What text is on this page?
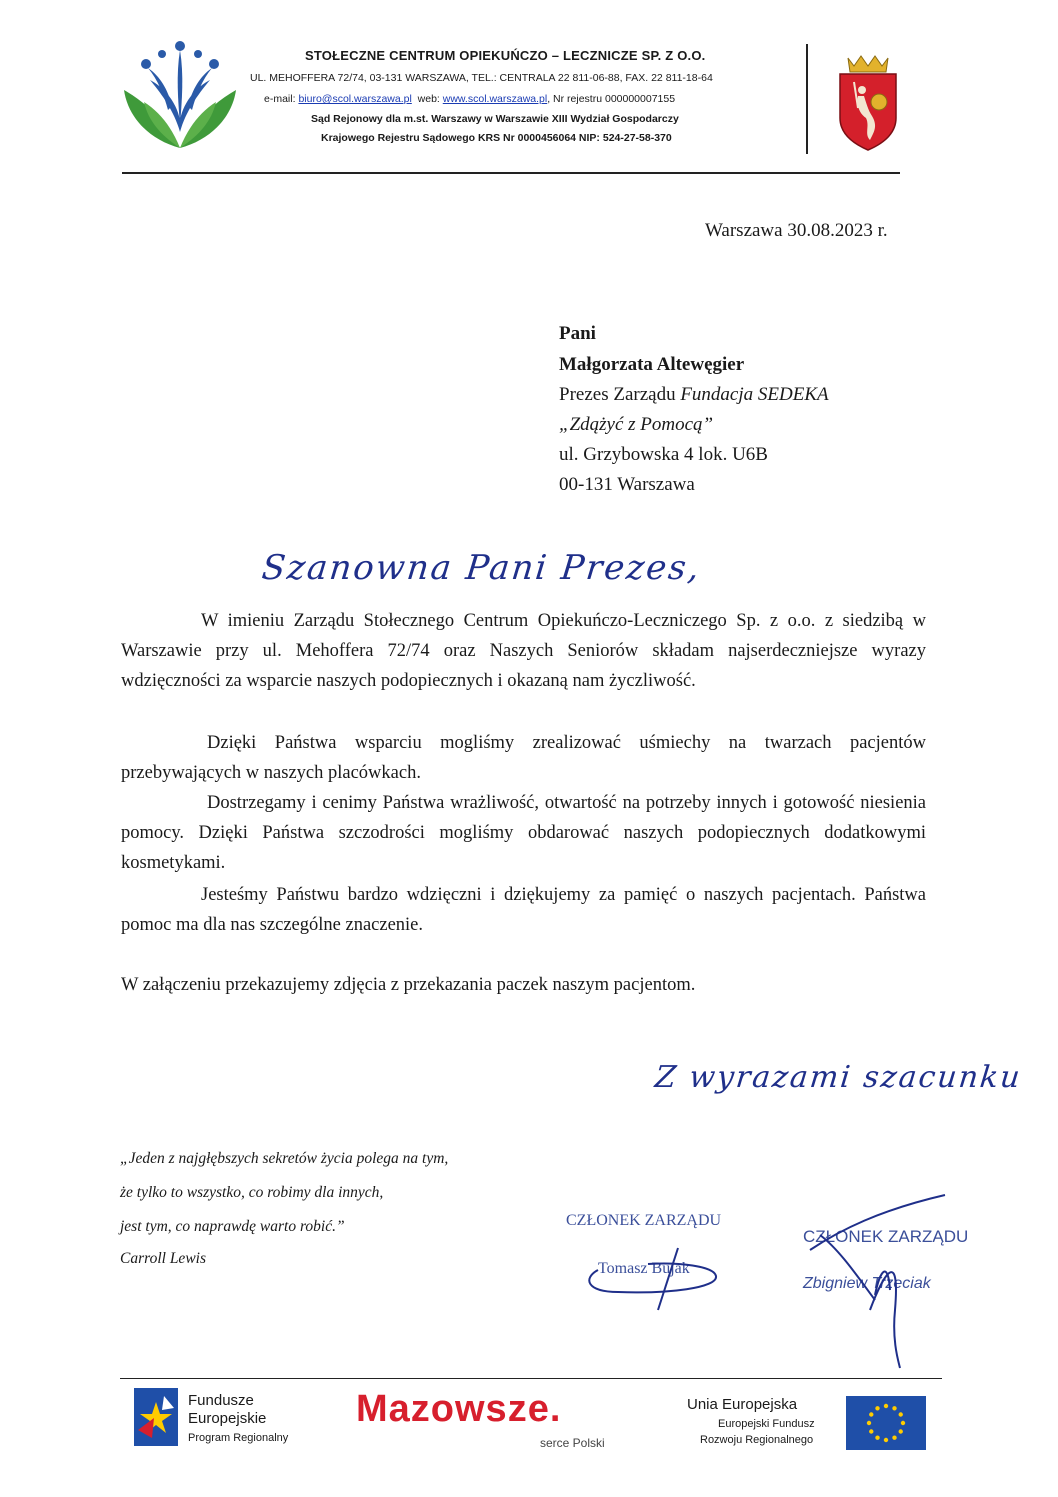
STOŁECZNE CENTRUM OPIEKUŃCZO – LECZNICZE SP. Z O.O.
UL. MEHOFFERA 72/74, 03-131 WARSZAWA, TEL.: CENTRALA 22 811-06-88, FAX. 22 811-18-64
e-mail: biuro@scol.warszawa.pl web: www.scol.warszawa.pl, Nr rejestru 000000007155
Sąd Rejonowy dla m.st. Warszawy w Warszawie XIII Wydział Gospodarczy
Krajowego Rejestru Sądowego KRS Nr 0000456064 NIP: 524-27-58-370
Warszawa 30.08.2023 r.
Pani
Małgorzata Altewęgier
Prezes Zarządu Fundacja SEDEKA
„Zdążyć z Pomocą”
ul. Grzybowska 4 lok. U6B
00-131 Warszawa
Szanowna Pani Prezes,
W imieniu Zarządu Stołecznego Centrum Opiekuńczo-Leczniczego Sp. z o.o. z siedzibą w Warszawie przy ul. Mehoffera 72/74 oraz Naszych Seniorów składam najserdeczniejsze wyrazy wdzięczności za wsparcie naszych podopiecznych i okazaną nam życzliwość.
Dzięki Państwa wsparciu mogliśmy zrealizować uśmiechy na twarzach pacjentów przebywających w naszych placówkach.
Dostrzegamy i cenimy Państwa wrażliwość, otwartość na potrzeby innych i gotowość niesienia pomocy. Dzięki Państwa szczodrości mogliśmy obdarować naszych podopiecznych dodatkowymi kosmetykami.
Jesteśmy Państwu bardzo wdzięczni i dziękujemy za pamięć o naszych pacjentach. Państwa pomoc ma dla nas szczególne znaczenie.
W załączeniu przekazujemy zdjęcia z przekazania paczek naszym pacjentom.
Z wyrazami szacunku
„Jeden z najgłębszych sekretów życia polega na tym,
że tylko to wszystko, co robimy dla innych,
jest tym, co naprawdę warto robić.”
Carroll Lewis
CZŁONEK ZARZĄDU
Tomasz Bujak
CZŁONEK ZARZĄDU
Zbigniew Trzeciak
Fundusze
Europejskie
Program Regionalny
Mazowsze.
serce Polski
Unia Europejska
Europejski Fundusz
Rozwoju Regionalnego
